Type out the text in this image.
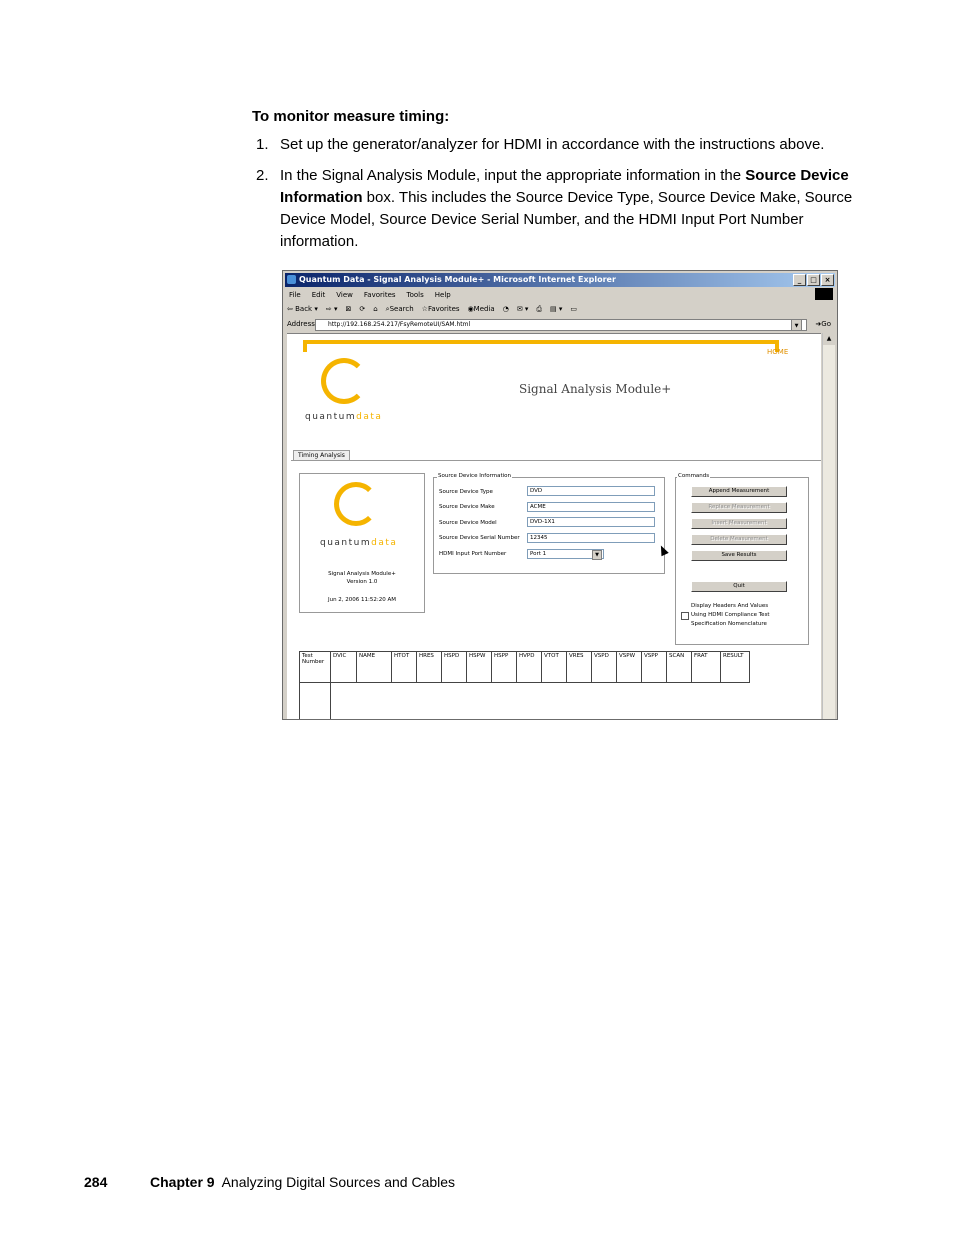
To monitor measure timing:
1. Set up the generator/analyzer for HDMI in accordance with the instructions above.
2. In the Signal Analysis Module, input the appropriate information in the Source Device Information box. This includes the Source Device Type, Source Device Make, Source Device Model, Source Device Serial Number, and the HDMI Input Port Number information.
Quantum Data - Signal Analysis Module+ - Microsoft Internet Explorer	_	□	×
File Edit View Favorites Tools Help
⇦ Back ▾ ⇨ ▾ ⊠ ⟳ ⌂ ⌕Search ☆Favorites ◉Media ◔ ✉ ▾ ⎙ ▤ ▾ ▭
Address	http://192.168.254.217/FsyRemoteUI/SAM.html	▼	➜Go
HOME
quantumdata
Signal Analysis Module+
Timing Analysis
quantumdata
Signal Analysis Module+
Version 1.0
Jun 2, 2006 11:52:20 AM
Source Device Information
Source Device Type	DVD
Source Device Make	ACME
Source Device Model	DVD-1X1
Source Device Serial Number	12345
HDMI Input Port Number	Port 1	▼
Commands
Append Measurement
Replace Measurement
Insert Measurement
Delete Measurement
Save Results
Quit
Display Headers And Values
Using HDMI Compliance Test
Specification Nomenclature
Test Number	DVIC	NAME	HTOT	HRES	HSPD	HSPW	HSPP	HVPD	VTOT	VRES	VSPD	VSPW	VSPP	SCAN	FRAT	RESULT

▲
284	Chapter 9 Analyzing Digital Sources and Cables
